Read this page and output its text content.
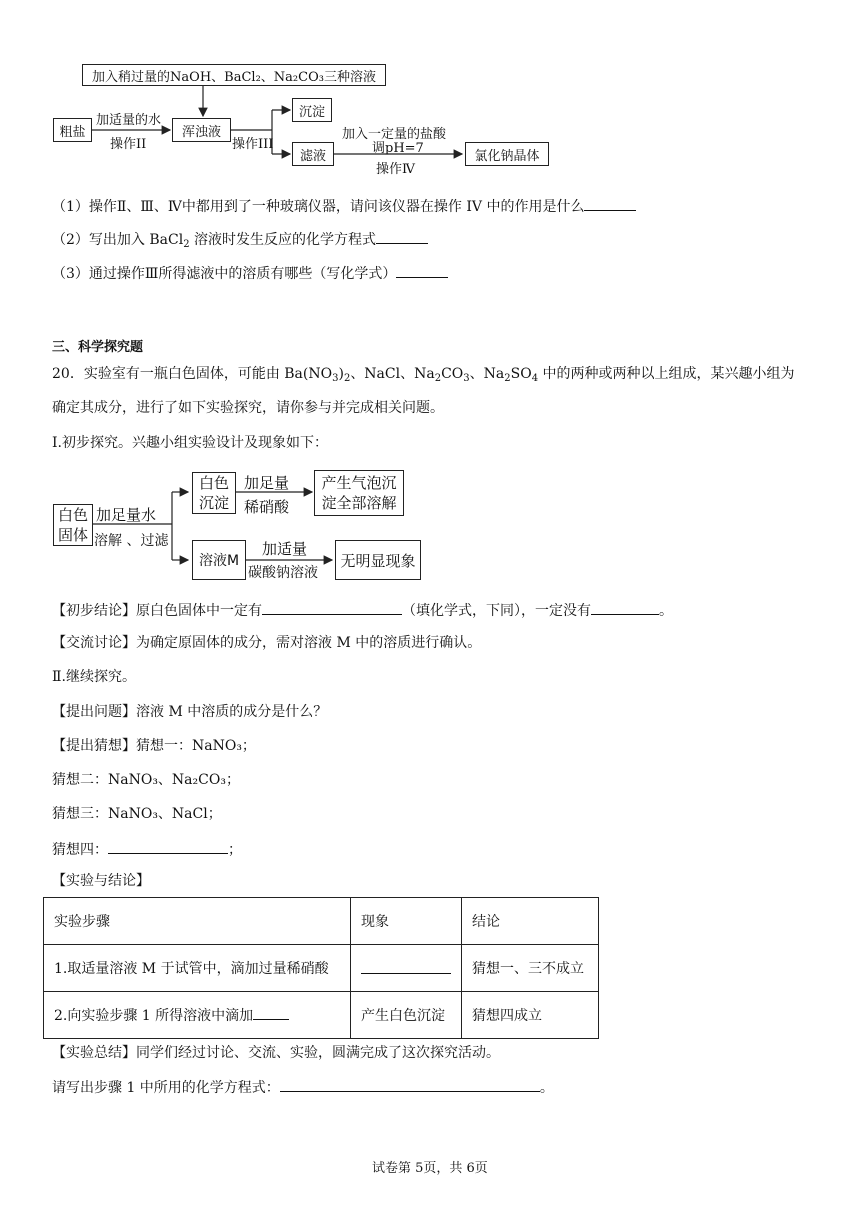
加入稍过量的NaOH、BaCl₂、Na₂CO₃三种溶液
粗盐
加适量的水
操作II
浑浊液
操作III
沉淀
滤液
加入一定量的盐酸
调pH=7
操作Ⅳ
氯化钠晶体
（1）操作Ⅱ、Ⅲ、Ⅳ中都用到了一种玻璃仪器，请问该仪器在操作 IV 中的作用是什么
（2）写出加入 BaCl$_2$ 溶液时发生反应的化学方程式
（3）通过操作Ⅲ所得滤液中的溶质有哪些（写化学式）
三、科学探究题
20．实验室有一瓶白色固体，可能由 $Ba(NO_3)_2$、NaCl、$Na_2CO_3$、$Na_2SO_4$ 中的两种或两种以上组成，某兴趣小组为
确定其成分，进行了如下实验探究，请你参与并完成相关问题。
Ⅰ.初步探究。兴趣小组实验设计及现象如下：
白色固体
加足量水
溶解 、过滤
白色沉淀
加足量
稀硝酸
产生气泡沉淀全部溶解
溶液M
加适量
碳酸钠溶液
无明显现象
【初步结论】原白色固体中一定有	（填化学式，下同），一定没有	。
【交流讨论】为确定原固体的成分，需对溶液 M 中的溶质进行确认。
Ⅱ.继续探究。
【提出问题】溶液 M 中溶质的成分是什么？
【提出猜想】猜想一：NaNO₃；
猜想二：NaNO₃、Na₂CO₃；
猜想三：NaNO₃、NaCl；
猜想四：	；
【实验与结论】
实验步骤	现象	结论
1.取适量溶液 M 于试管中，滴加过量稀硝酸		猜想一、三不成立
2.向实验步骤 1 所得溶液中滴加	产生白色沉淀	猜想四成立
【实验总结】同学们经过讨论、交流、实验，圆满完成了这次探究活动。
请写出步骤 1 中所用的化学方程式：	。
试卷第 5页，共 6页
